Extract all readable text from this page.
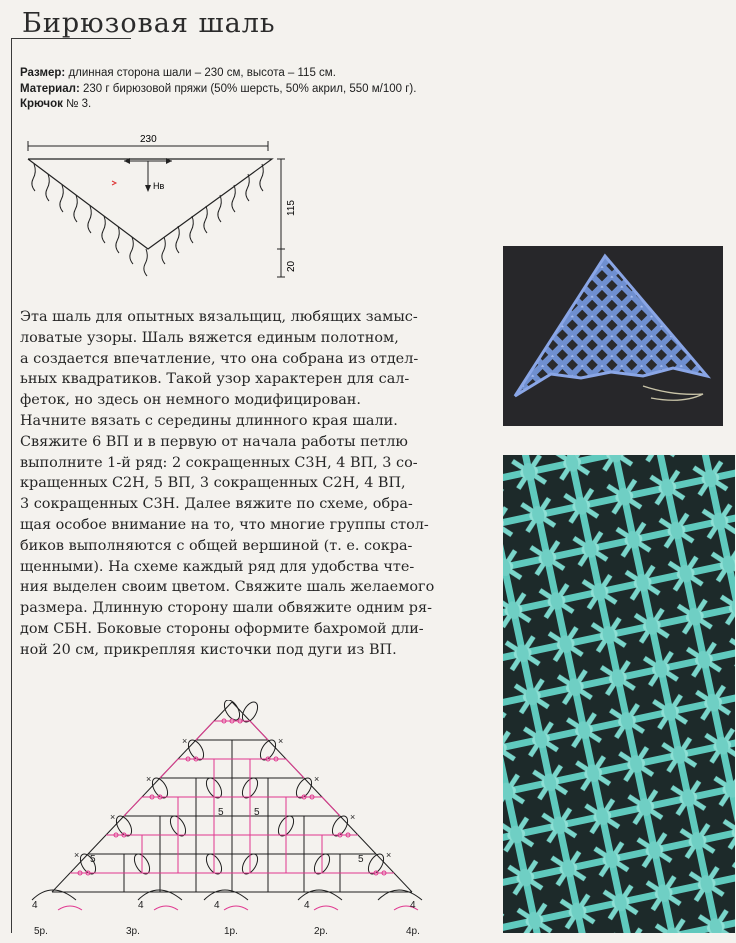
Бирюзовая шаль
Размер: длинная сторона шали – 230 см, высота – 115 см.
Материал: 230 г бирюзовой пряжи (50% шерсть, 50% акрил, 550 м/100 г).
Крючок № 3.
230
Нв
115
20

Эта шаль для опытных вязальщиц, любящих замыс-

ловатые узоры. Шаль вяжется единым полотном,

а создается впечатление, что она собрана из отдел-

ьных квадратиков. Такой узор характерен для сал-

феток, но здесь он немного модифицирован.

Начните вязать с середины длинного края шали.

Свяжите 6 ВП и в первую от начала работы петлю

выполните 1-й ряд: 2 сокращенных С3Н, 4 ВП, 3 со-

кращенных С2Н, 5 ВП, 3 сокращенных С2Н, 4 ВП,

3 сокращенных С3Н. Далее вяжите по схеме, обра-

щая особое внимание на то, что многие группы стол-

биков выполняются с общей вершиной (т. е. сокра-

щенными). На схеме каждый ряд для удобства чте-

ния выделен своим цветом. Свяжите шаль желаемого

размера. Длинную сторону шали обвяжите одним ря-

дом СБН. Боковые стороны оформите бахромой дли-

ной 20 см, прикрепляя кисточки под дуги из ВП.

×
×
×
×
×
×
×
×
5	5
5	5
4	4	4	4	4
5р.	3р.	1р.	2р.	4р.
